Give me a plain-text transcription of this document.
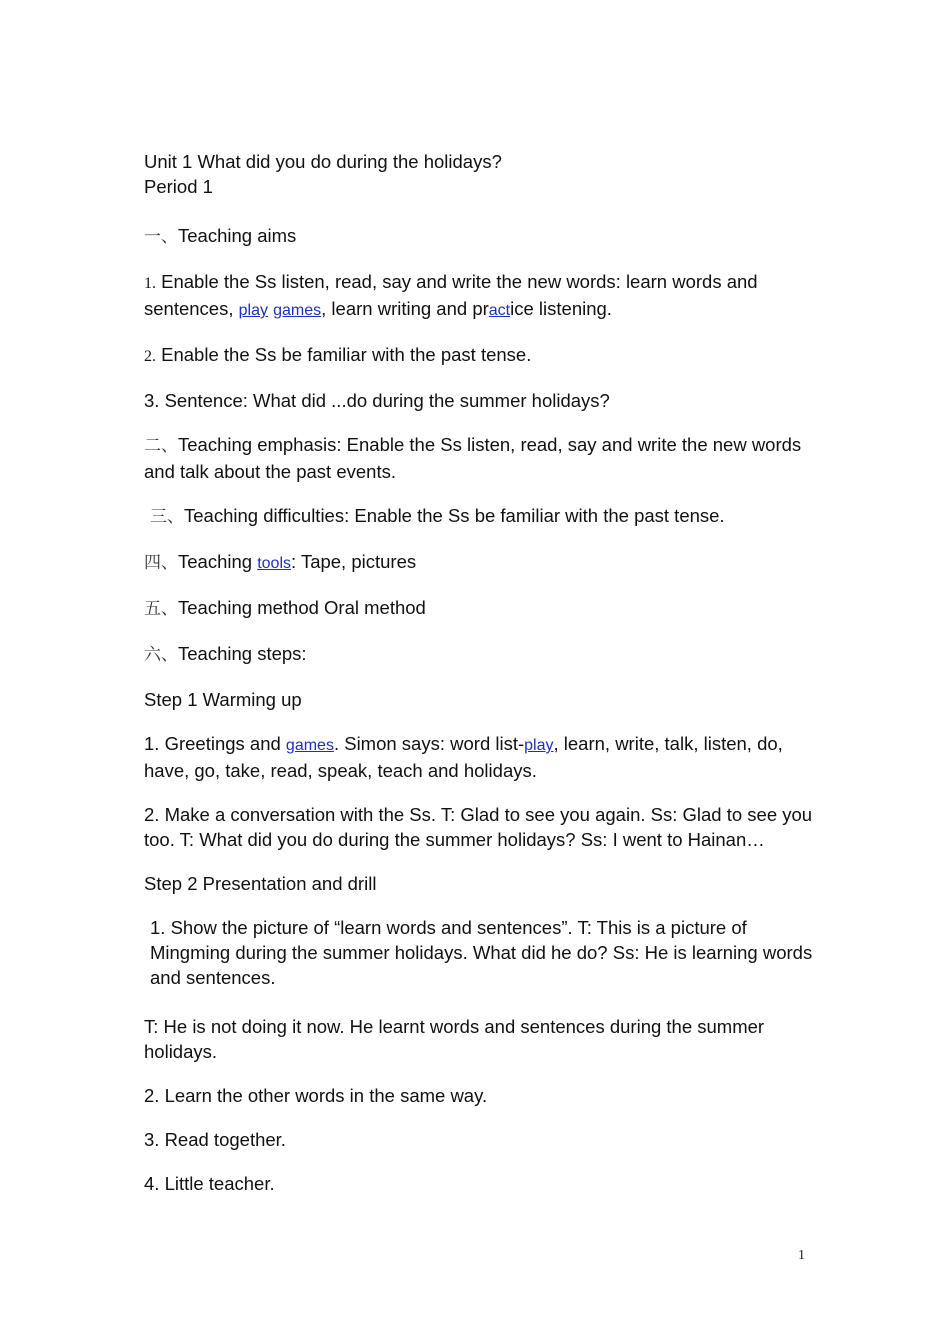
Unit 1 What did you do during the holidays?

Period 1

一、Teaching aims

1. Enable the Ss listen, read, say and write the new words: learn words and sentences, play games, learn writing and practice listening.

2. Enable the Ss be familiar with the past tense.

3. Sentence: What did ...do during the summer holidays?

二、Teaching emphasis: Enable the Ss listen, read, say and write the new words and talk about the past events.

三、Teaching difficulties: Enable the Ss be familiar with the past tense.

四、Teaching tools: Tape, pictures

五、Teaching method Oral method

六、Teaching steps:

Step 1 Warming up

1. Greetings and games. Simon says: word list-play, learn, write, talk, listen, do, have, go, take, read, speak, teach and holidays.

2. Make a conversation with the Ss. T: Glad to see you again. Ss: Glad to see you too. T: What did you do during the summer holidays? Ss: I went to Hainan…

Step 2 Presentation and drill

1. Show the picture of “learn words and sentences”. T: This is a picture of Mingming during the summer holidays. What did he do? Ss: He is learning words and sentences.

T: He is not doing it now. He learnt words and sentences during the summer holidays.

2. Learn the other words in the same way.

3. Read together.

4. Little teacher.

1
